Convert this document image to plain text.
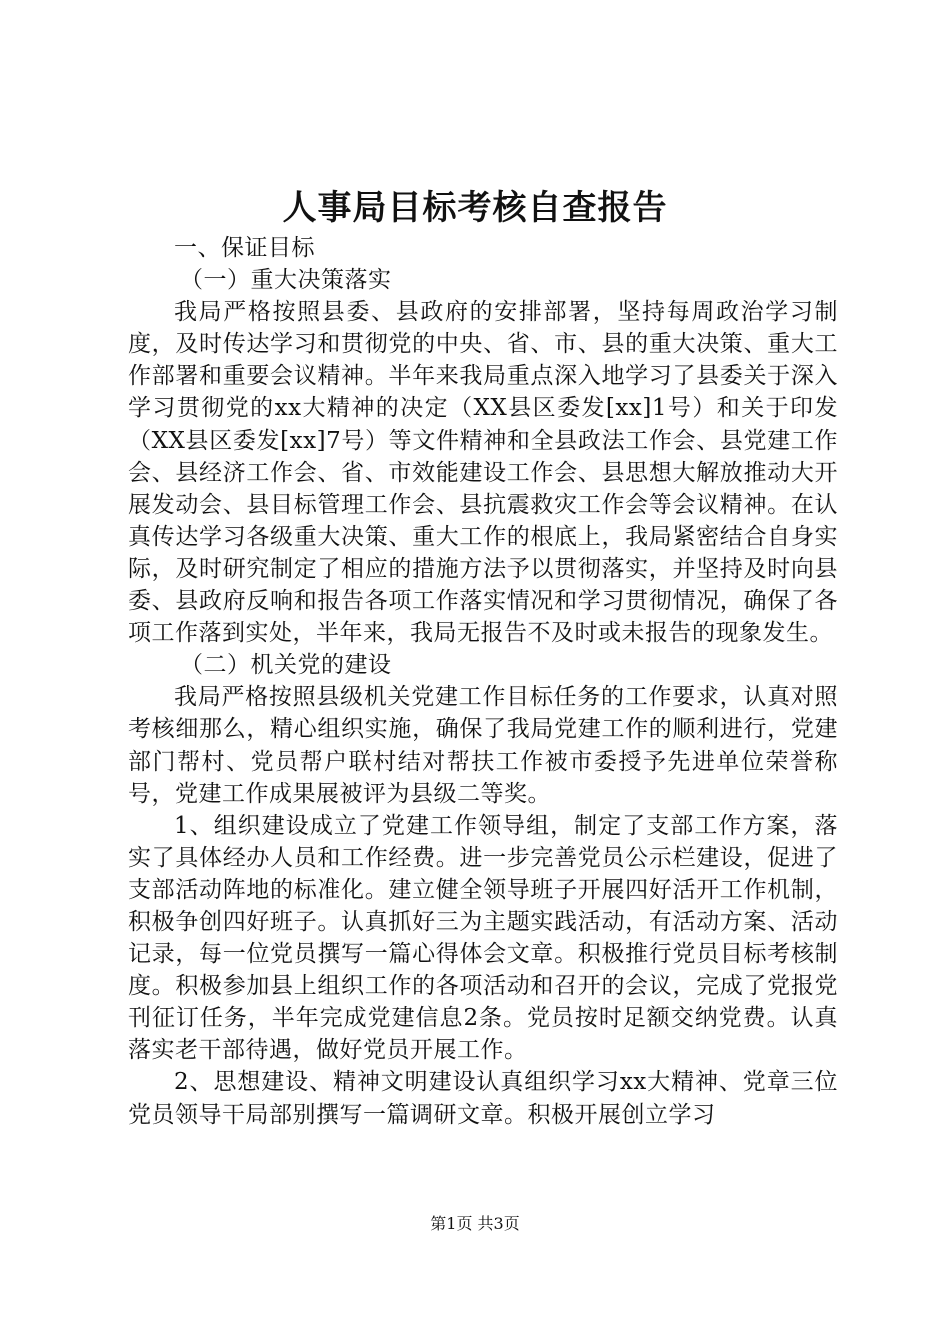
人事局目标考核自查报告

一、保证目标

（一）重大决策落实

我局严格按照县委、县政府的安排部署，坚持每周政治学习制度，及时传达学习和贯彻党的中央、省、市、县的重大决策、重大工作部署和重要会议精神。半年来我局重点深入地学习了县委关于深入学习贯彻党的xx大精神的决定（XX县区委发[xx]1号）和关于印发（XX县区委发[xx]7号）等文件精神和全县政法工作会、县党建工作会、县经济工作会、省、市效能建设工作会、县思想大解放推动大开展发动会、县目标管理工作会、县抗震救灾工作会等会议精神。在认真传达学习各级重大决策、重大工作的根底上，我局紧密结合自身实际，及时研究制定了相应的措施方法予以贯彻落实，并坚持及时向县委、县政府反响和报告各项工作落实情况和学习贯彻情况，确保了各项工作落到实处，半年来，我局无报告不及时或未报告的现象发生。

（二）机关党的建设

我局严格按照县级机关党建工作目标任务的工作要求，认真对照考核细那么，精心组织实施，确保了我局党建工作的顺利进行，党建部门帮村、党员帮户联村结对帮扶工作被市委授予先进单位荣誉称号，党建工作成果展被评为县级二等奖。

1、组织建设成立了党建工作领导组，制定了支部工作方案，落实了具体经办人员和工作经费。进一步完善党员公示栏建设，促进了支部活动阵地的标准化。建立健全领导班子开展四好活开工作机制，积极争创四好班子。认真抓好三为主题实践活动，有活动方案、活动记录，每一位党员撰写一篇心得体会文章。积极推行党员目标考核制度。积极参加县上组织工作的各项活动和召开的会议，完成了党报党刊征订任务，半年完成党建信息2条。党员按时足额交纳党费。认真落实老干部待遇，做好党员开展工作。

2、思想建设、精神文明建设认真组织学习xx大精神、党章三位党员领导干局部别撰写一篇调研文章。积极开展创立学习

第1页 共3页
